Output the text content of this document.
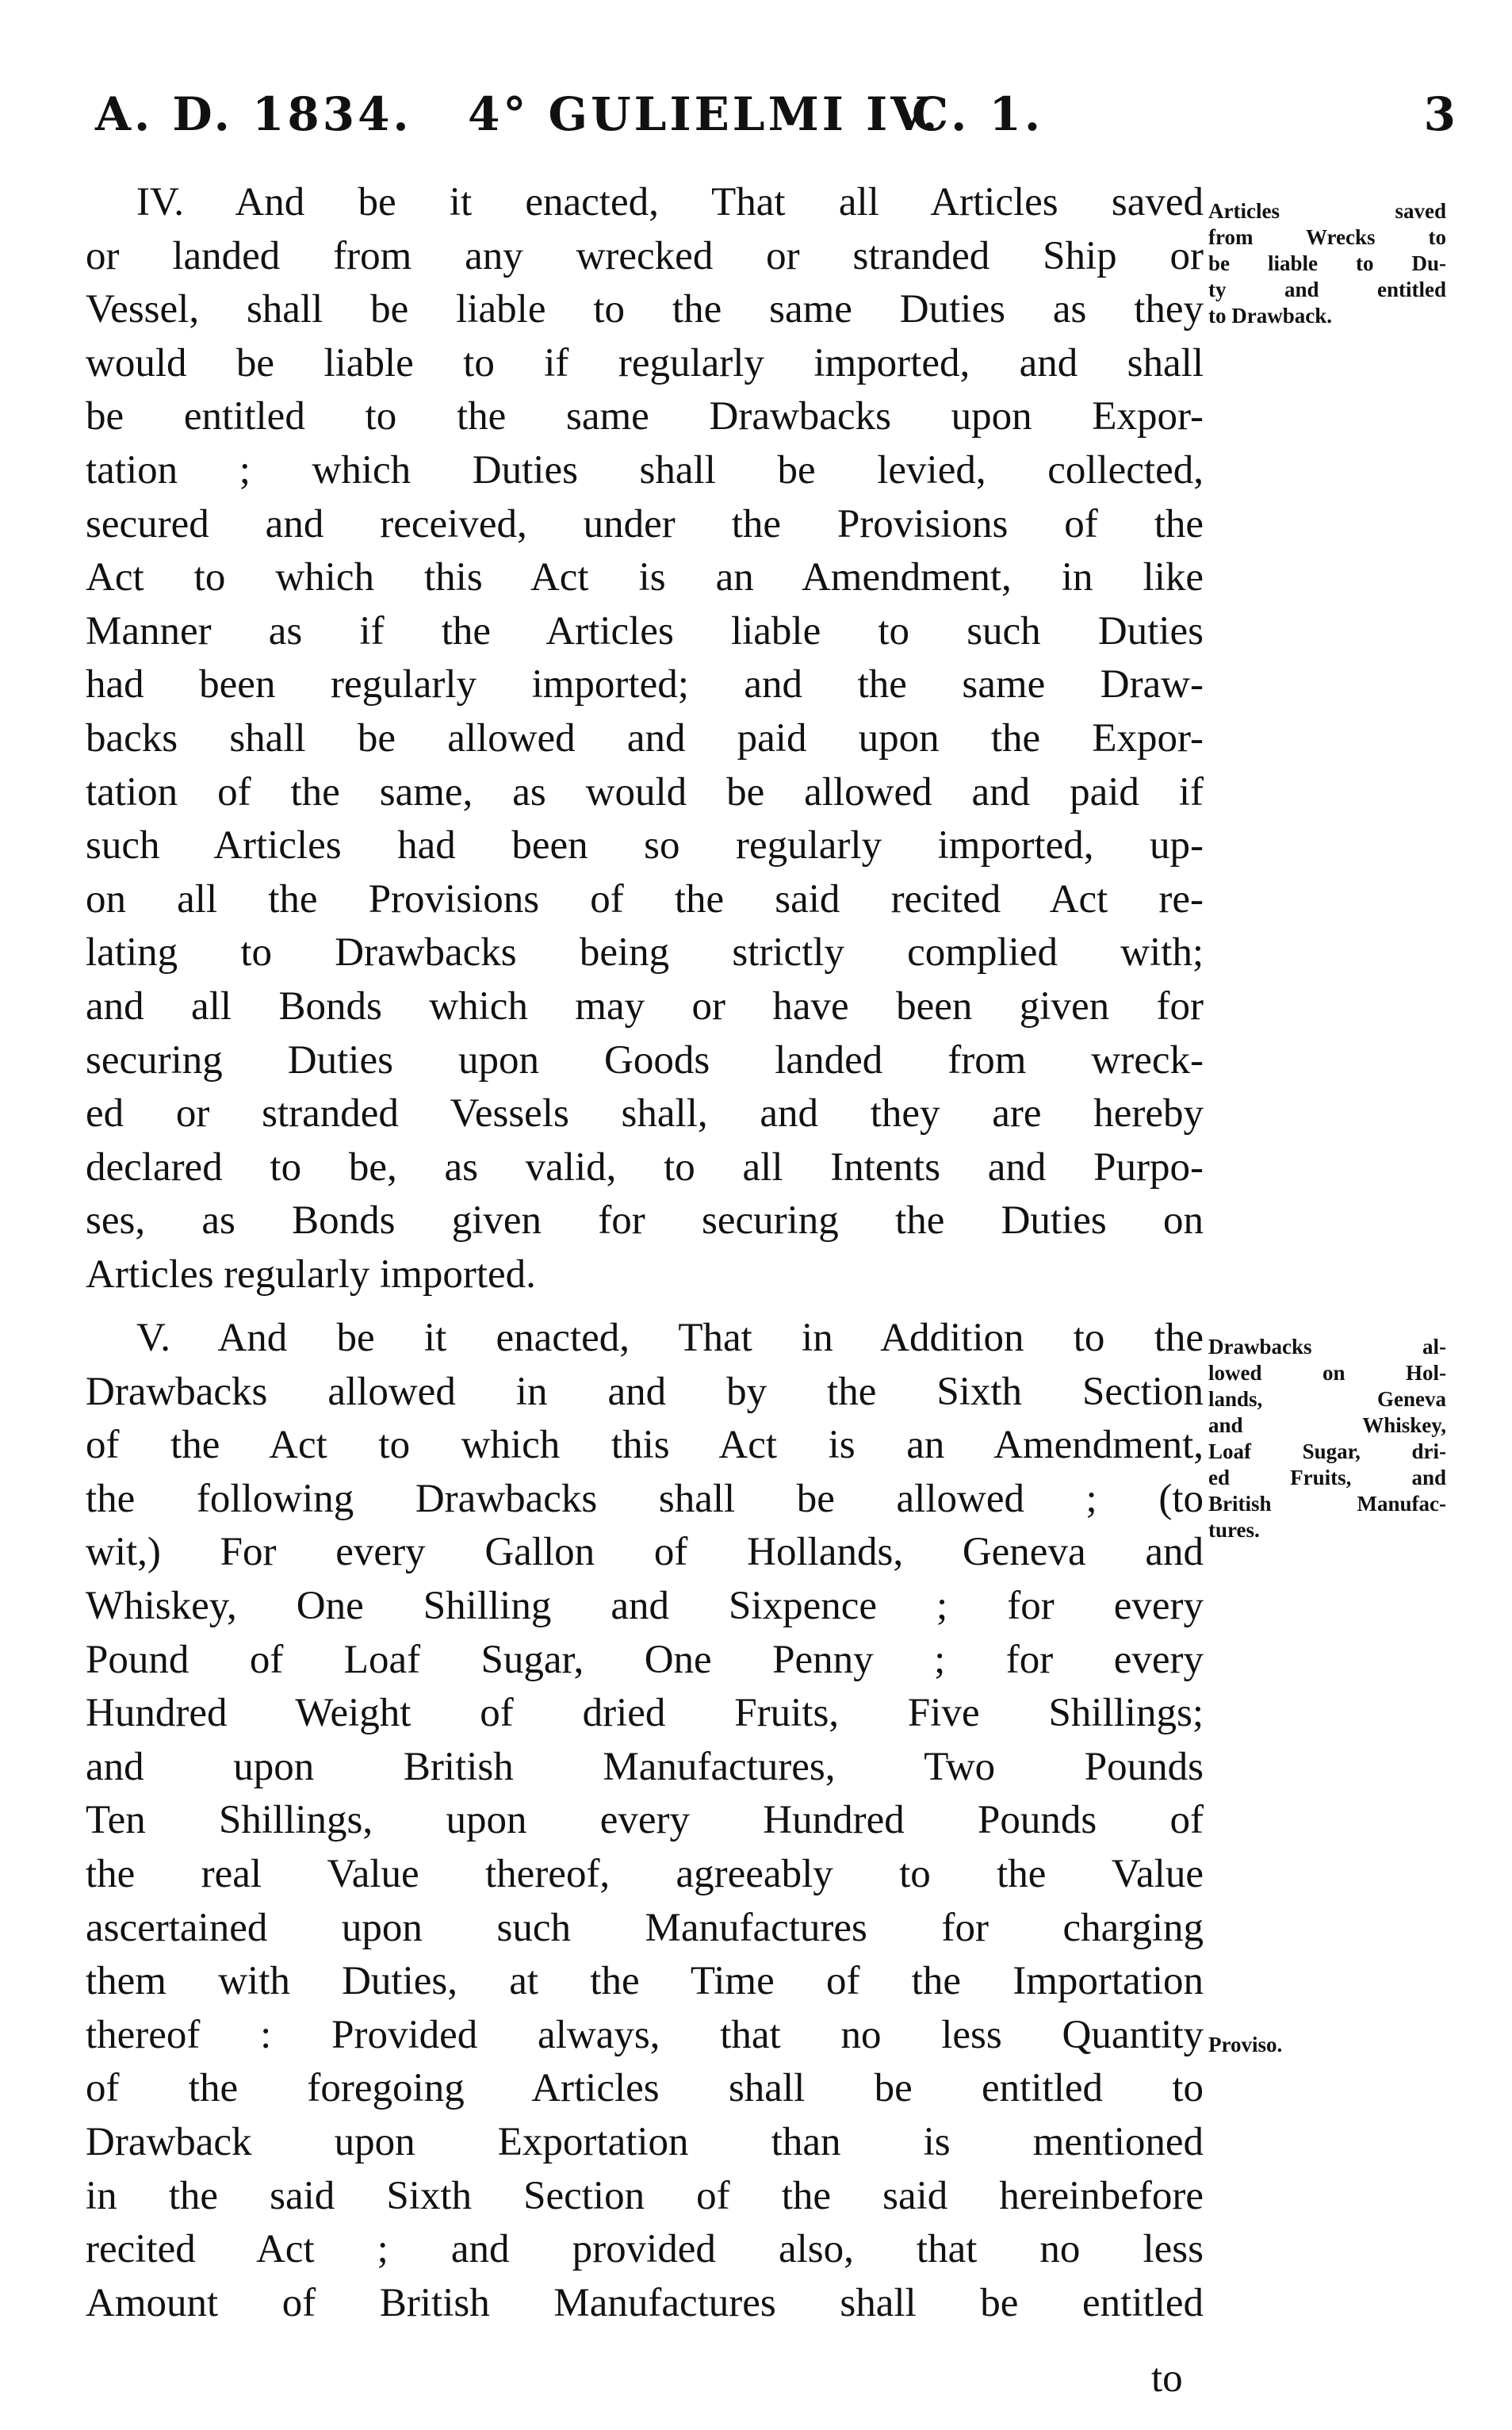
A. D. 1834. 4° GULIELMI IV.
C. 1.	3
IV. And be it enacted, That all Articles saved
or landed from any wrecked or stranded Ship or
Vessel, shall be liable to the same Duties as they
would be liable to if regularly imported, and shall
be entitled to the same Drawbacks upon Expor-
tation ; which Duties shall be levied, collected,
secured and received, under the Provisions of the
Act to which this Act is an Amendment, in like
Manner as if the Articles liable to such Duties
had been regularly imported; and the same Draw-
backs shall be allowed and paid upon the Expor-
tation of the same, as would be allowed and paid if
such Articles had been so regularly imported, up-
on all the Provisions of the said recited Act re-
lating to Drawbacks being strictly complied with;
and all Bonds which may or have been given for
securing Duties upon Goods landed from wreck-
ed or stranded Vessels shall, and they are hereby
declared to be, as valid, to all Intents and Purpo-
ses, as Bonds given for securing the Duties on
Articles regularly imported.
Articles saved
from Wrecks to
be liable to Du-
ty and entitled
to Drawback.
V. And be it enacted, That in Addition to the
Drawbacks allowed in and by the Sixth Section
of the Act to which this Act is an Amendment,
the following Drawbacks shall be allowed ; (to
wit,) For every Gallon of Hollands, Geneva and
Whiskey, One Shilling and Sixpence ; for every
Pound of Loaf Sugar, One Penny ; for every
Hundred Weight of dried Fruits, Five Shillings;
and upon British Manufactures, Two Pounds
Ten Shillings, upon every Hundred Pounds of
the real Value thereof, agreeably to the Value
ascertained upon such Manufactures for charging
them with Duties, at the Time of the Importation
thereof : Provided always, that no less Quantity
of the foregoing Articles shall be entitled to
Drawback upon Exportation than is mentioned
in the said Sixth Section of the said hereinbefore
recited Act ; and provided also, that no less
Amount of British Manufactures shall be entitled
Drawbacks al-
lowed on Hol-
lands, Geneva
and Whiskey,
Loaf Sugar, dri-
ed Fruits, and
British Manufac-
tures.
Proviso.
to
